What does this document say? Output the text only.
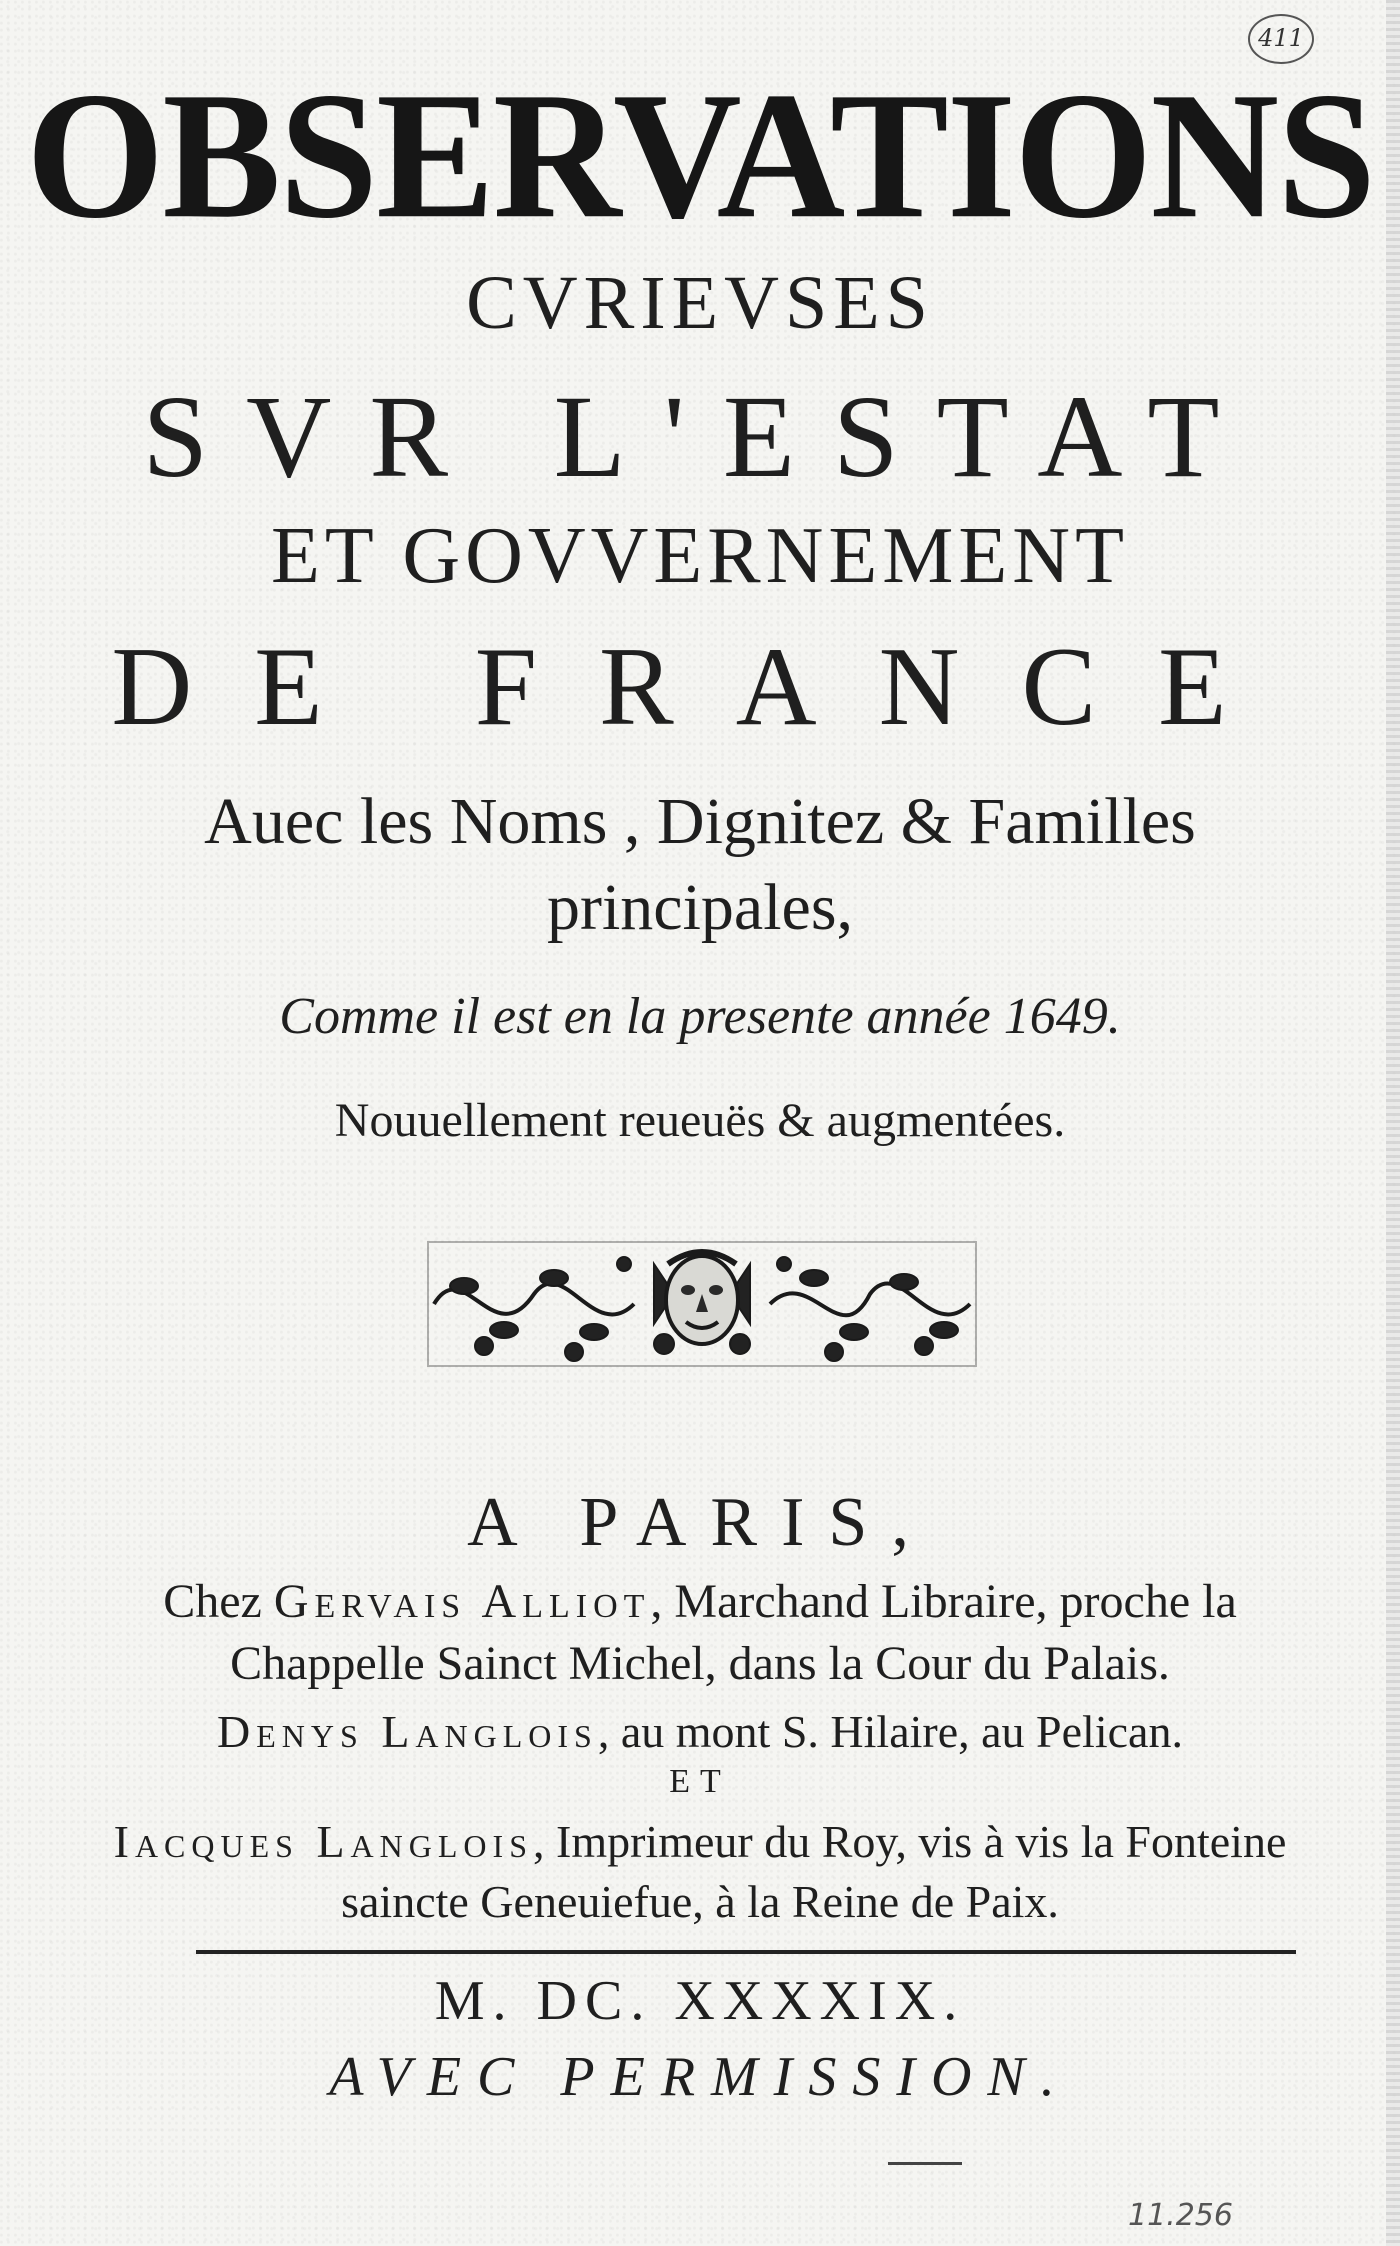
411
OBSERVATIONS
CVRIEVSES
SVR L'ESTAT
ET GOVVERNEMENT
DE FRANCE
Auec les Noms , Dignitez & Familles
principales,
Comme il est en la presente année 1649.
Nouuellement reueuës & augmentées.
A PARIS,
Chez Gervais Alliot, Marchand Libraire, proche la
Chappelle Sainct Michel, dans la Cour du Palais.
Denys Langlois, au mont S. Hilaire, au Pelican.
ET
Iacques Langlois, Imprimeur du Roy, vis à vis la Fonteine
saincte Geneuiefue, à la Reine de Paix.
M. DC. XXXXIX.
AVEC PERMISSION.
11.256
